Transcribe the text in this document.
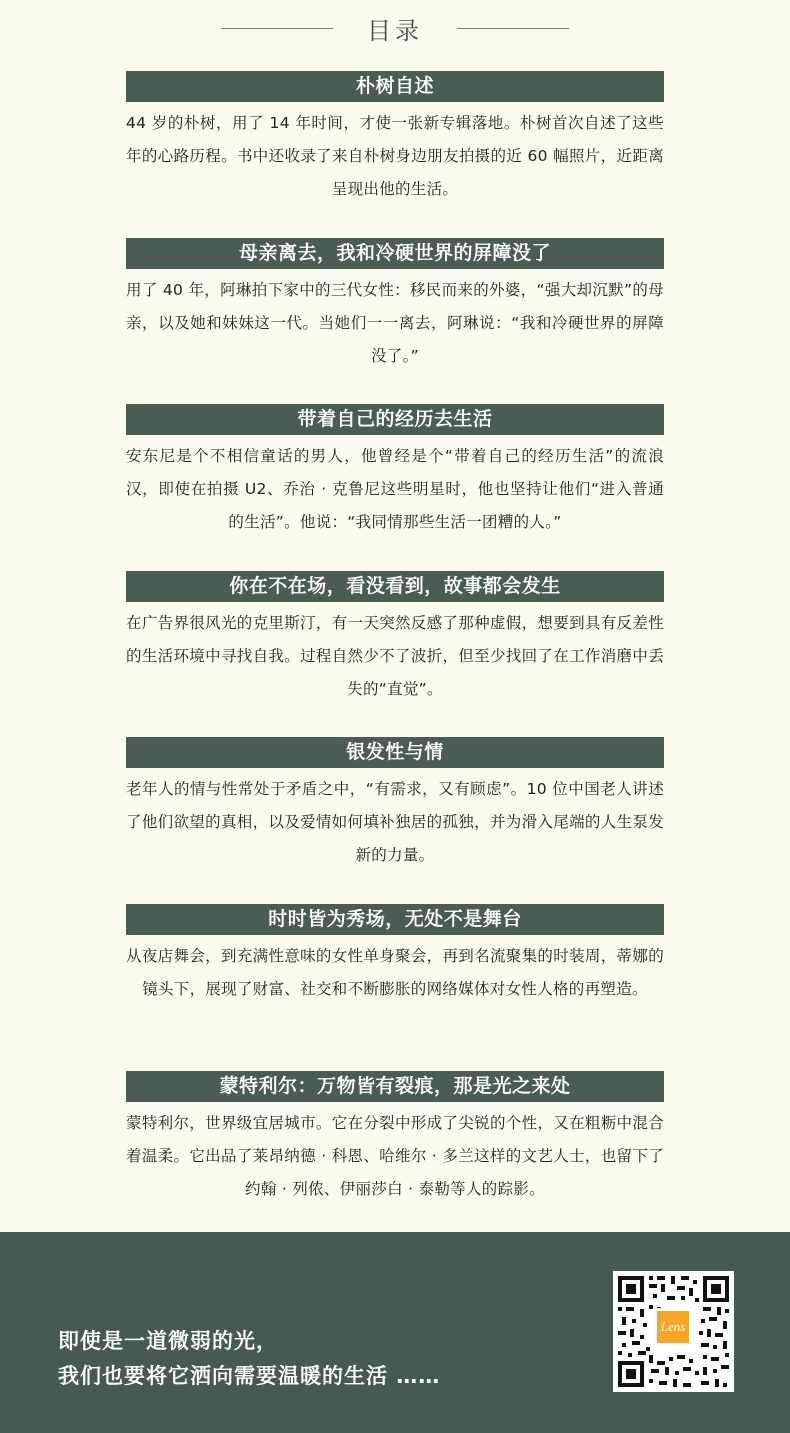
目录
朴树自述
44 岁的朴树，用了 14 年时间，才使一张新专辑落地。朴树首次自述了这些年的心路历程。书中还收录了来自朴树身边朋友拍摄的近 60 幅照片，近距离呈现出他的生活。
母亲离去，我和冷硬世界的屏障没了
用了 40 年，阿琳拍下家中的三代女性：移民而来的外婆，“强大却沉默”的母亲，以及她和妹妹这一代。当她们一一离去，阿琳说：“我和冷硬世界的屏障没了。”
带着自己的经历去生活
安东尼是个不相信童话的男人，他曾经是个“带着自己的经历生活”的流浪汉，即使在拍摄 U2、乔治 · 克鲁尼这些明星时，他也坚持让他们“进入普通的生活”。他说：“我同情那些生活一团糟的人。”
你在不在场，看没看到，故事都会发生
在广告界很风光的克里斯汀，有一天突然反感了那种虚假，想要到具有反差性的生活环境中寻找自我。过程自然少不了波折，但至少找回了在工作消磨中丢失的“直觉”。
银发性与情
老年人的情与性常处于矛盾之中，“有需求，又有顾虑”。10 位中国老人讲述了他们欲望的真相，以及爱情如何填补独居的孤独，并为滑入尾端的人生泵发新的力量。
时时皆为秀场，无处不是舞台
从夜店舞会，到充满性意味的女性单身聚会，再到名流聚集的时装周，蒂娜的镜头下，展现了财富、社交和不断膨胀的网络媒体对女性人格的再塑造。
蒙特利尔：万物皆有裂痕，那是光之来处
蒙特利尔，世界级宜居城市。它在分裂中形成了尖锐的个性，又在粗粝中混合着温柔。它出品了莱昂纳德 · 科恩、哈维尔 · 多兰这样的文艺人士，也留下了约翰 · 列侬、伊丽莎白 · 泰勒等人的踪影。
即使是一道微弱的光，
我们也要将它洒向需要温暖的生活 ……
Lens
